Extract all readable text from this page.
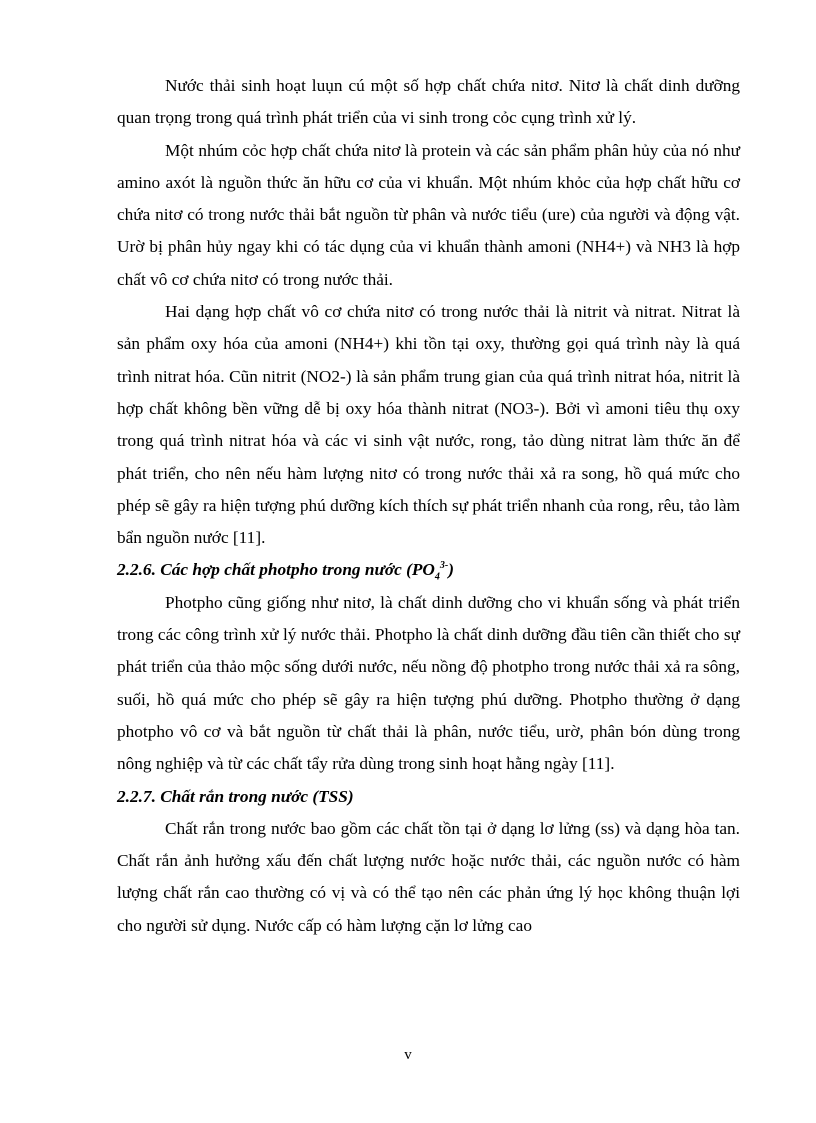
Nước thải sinh hoạt luụn cú một số hợp chất chứa nitơ. Nitơ là chất dinh dưỡng quan trọng trong quá trình phát triển của vi sinh trong cỏc cụng trình xử lý.

Một nhúm cỏc hợp chất chứa nitơ là protein và các sản phẩm phân hủy của nó như amino axót là nguồn thức ăn hữu cơ của vi khuẩn. Một nhúm khỏc của hợp chất hữu cơ chứa nitơ có trong nước thải bắt nguồn từ phân và nước tiểu (ure) của người và động vật. Urờ bị phân hủy ngay khi có tác dụng của vi khuẩn thành amoni (NH4+) và NH3 là hợp chất vô cơ chứa nitơ có trong nước thải.

Hai dạng hợp chất vô cơ chứa nitơ có trong nước thải là nitrit và nitrat. Nitrat là sản phẩm oxy hóa của amoni (NH4+) khi tồn tại oxy, thường gọi quá trình này là quá trình nitrat hóa. Cũn nitrit (NO2-) là sản phẩm trung gian của quá trình nitrat hóa, nitrit là hợp chất không bền vững dễ bị oxy hóa thành nitrat (NO3-). Bởi vì amoni tiêu thụ oxy trong quá trình nitrat hóa và các vi sinh vật nước, rong, tảo dùng nitrat làm thức ăn để phát triển, cho nên nếu hàm lượng nitơ có trong nước thải xả ra song, hồ quá mức cho phép sẽ gây ra hiện tượng phú dưỡng kích thích sự phát triển nhanh của rong, rêu, tảo làm bẩn nguồn nước [11].

2.2.6. Các hợp chất photpho trong nước $(PO_4^{3-})$

Photpho cũng giống như nitơ, là chất dinh dưỡng cho vi khuẩn sống và phát triển trong các công trình xử lý nước thải. Photpho là chất dinh dưỡng đầu tiên cần thiết cho sự phát triển của thảo mộc sống dưới nước, nếu nồng độ photpho trong nước thải xả ra sông, suối, hồ quá mức cho phép sẽ gây ra hiện tượng phú dưỡng. Photpho thường ở dạng photpho vô cơ và bắt nguồn từ chất thải là phân, nước tiểu, urờ, phân bón dùng trong nông nghiệp và từ các chất tẩy rửa dùng trong sinh hoạt hằng ngày [11].

2.2.7. Chất rắn trong nước (TSS)

Chất rắn trong nước bao gồm các chất tồn tại ở dạng lơ lửng (ss) và dạng hòa tan. Chất rắn ảnh hưởng xấu đến chất lượng nước hoặc nước thải, các nguồn nước có hàm lượng chất rắn cao thường có vị và có thể tạo nên các phản ứng lý học không thuận lợi cho người sử dụng. Nước cấp có hàm lượng cặn lơ lửng cao

v
